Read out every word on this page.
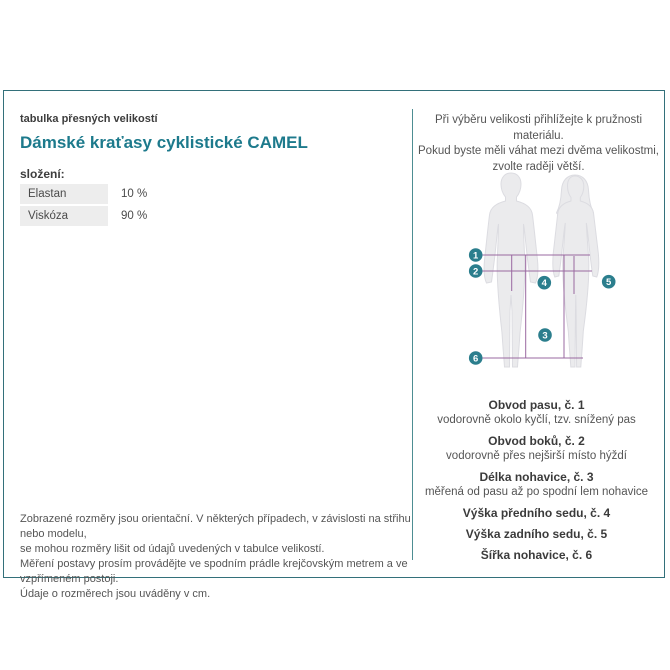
tabulka přesných velikostí
Dámské kraťasy cyklistické CAMEL
složení:
Elastan	10 %
Viskóza	90 %
Zobrazené rozměry jsou orientační. V některých případech, v závislosti na střihu nebo modelu,
se mohou rozměry lišit od údajů uvedených v tabulce velikostí.
Měření postavy prosím provádějte ve spodním prádle krejčovským metrem a ve vzpřímeném postoji.
Údaje o rozměrech jsou uváděny v cm.
Při výběru velikosti přihlížejte k pružnosti materiálu.
Pokud byste měli váhat mezi dvěma velikostmi,
zvolte raději větší.
1
2
4	5
3
6
Obvod pasu, č. 1
vodorovně okolo kyčlí, tzv. snížený pas
Obvod boků, č. 2
vodorovně přes nejširší místo hýždí
Délka nohavice, č. 3
měřená od pasu až po spodní lem nohavice
Výška předního sedu, č. 4
Výška zadního sedu, č. 5
Šířka nohavice, č. 6
